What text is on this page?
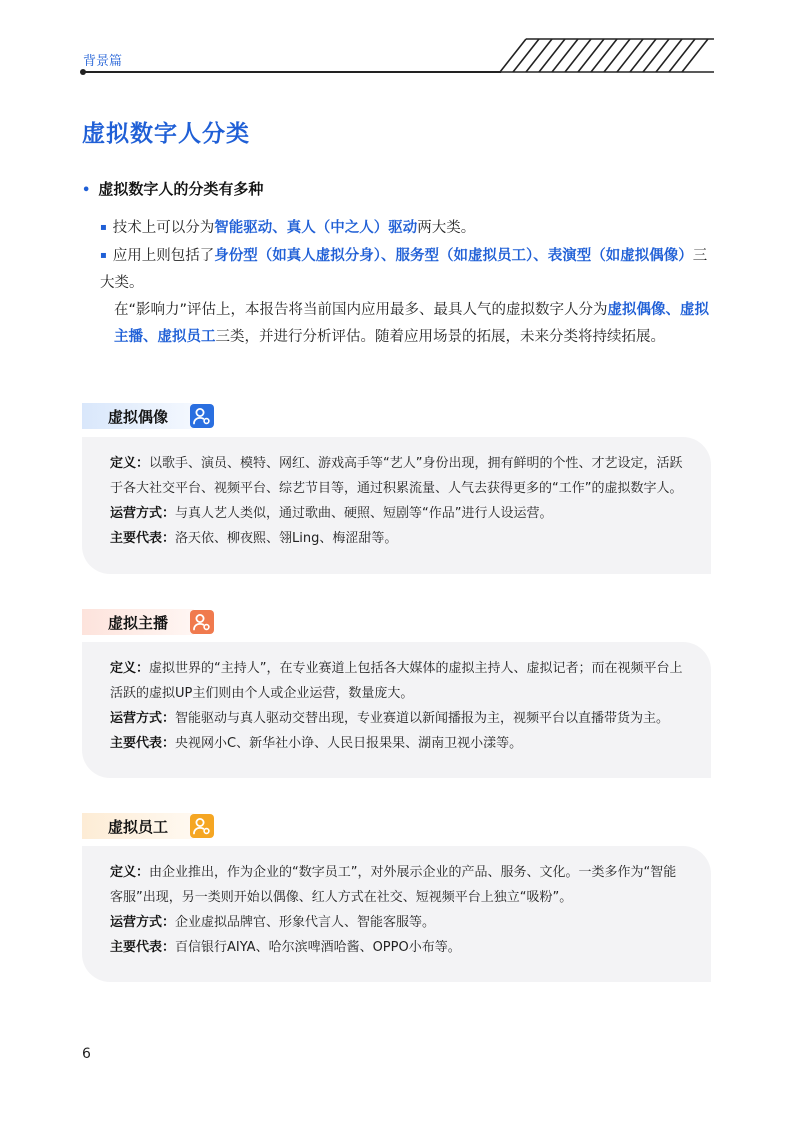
背景篇
虚拟数字人分类
• 虚拟数字人的分类有多种
▪ 技术上可以分为智能驱动、真人（中之人）驱动两大类。
▪ 应用上则包括了身份型（如真人虚拟分身）、服务型（如虚拟员工）、表演型（如虚拟偶像）三大类。
在“影响力”评估上，本报告将当前国内应用最多、最具人气的虚拟数字人分为虚拟偶像、虚拟主播、虚拟员工三类，并进行分析评估。随着应用场景的拓展，未来分类将持续拓展。
虚拟偶像

定义：以歌手、演员、模特、网红、游戏高手等“艺人”身份出现，拥有鲜明的个性、才艺设定，活跃于各大社交平台、视频平台、综艺节目等，通过积累流量、人气去获得更多的“工作”的虚拟数字人。

运营方式：与真人艺人类似，通过歌曲、硬照、短剧等“作品”进行人设运营。

主要代表：洛天依、柳夜熙、翎Ling、梅涩甜等。

虚拟主播

定义：虚拟世界的“主持人”，在专业赛道上包括各大媒体的虚拟主持人、虚拟记者；而在视频平台上活跃的虚拟UP主们则由个人或企业运营，数量庞大。

运营方式：智能驱动与真人驱动交替出现，专业赛道以新闻播报为主，视频平台以直播带货为主。

主要代表：央视网小C、新华社小诤、人民日报果果、湖南卫视小漾等。

虚拟员工

定义：由企业推出，作为企业的“数字员工”，对外展示企业的产品、服务、文化。一类多作为“智能客服”出现，另一类则开始以偶像、红人方式在社交、短视频平台上独立“吸粉”。

运营方式：企业虚拟品牌官、形象代言人、智能客服等。

主要代表：百信银行AIYA、哈尔滨啤酒哈酱、OPPO小布等。

6
